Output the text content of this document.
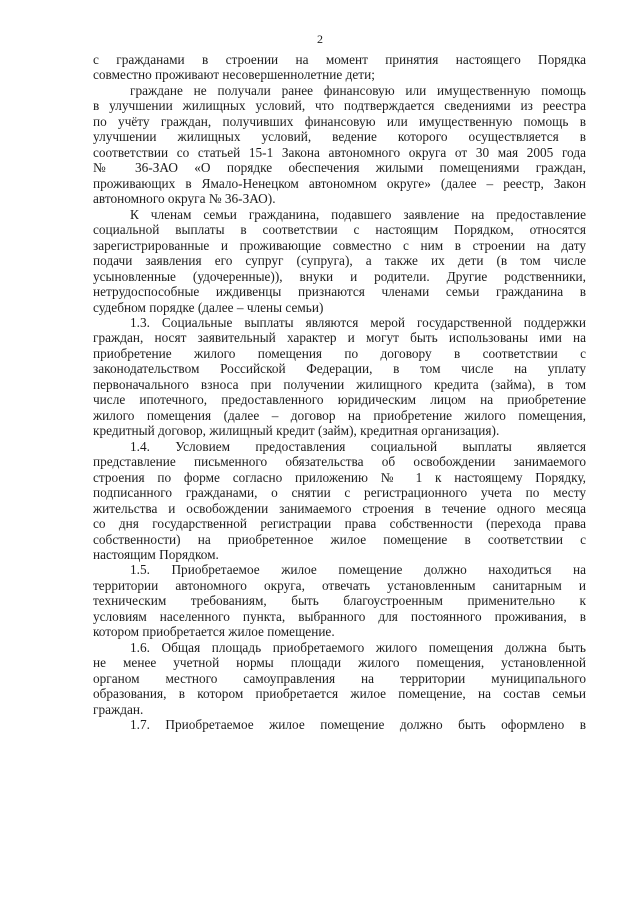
2
с гражданами в строении на момент принятия настоящего Порядка
совместно проживают несовершеннолетние дети;
граждане не получали ранее финансовую или имущественную помощь
в улучшении жилищных условий, что подтверждается сведениями из реестра
по учёту граждан, получивших финансовую или имущественную помощь в
улучшении жилищных условий, ведение которого осуществляется в
соответствии со статьей 15-1 Закона автономного округа от 30 мая 2005 года
№ 36-ЗАО «О порядке обеспечения жилыми помещениями граждан,
проживающих в Ямало-Ненецком автономном округе» (далее – реестр, Закон
автономного округа № 36-ЗАО).
К членам семьи гражданина, подавшего заявление на предоставление
социальной выплаты в соответствии с настоящим Порядком, относятся
зарегистрированные и проживающие совместно с ним в строении на дату
подачи заявления его супруг (супруга), а также их дети (в том числе
усыновленные (удочеренные)), внуки и родители. Другие родственники,
нетрудоспособные иждивенцы признаются членами семьи гражданина в
судебном порядке (далее – члены семьи)
1.3. Социальные выплаты являются мерой государственной поддержки
граждан, носят заявительный характер и могут быть использованы ими на
приобретение жилого помещения по договору в соответствии с
законодательством Российской Федерации, в том числе на уплату
первоначального взноса при получении жилищного кредита (займа), в том
числе ипотечного, предоставленного юридическим лицом на приобретение
жилого помещения (далее – договор на приобретение жилого помещения,
кредитный договор, жилищный кредит (займ), кредитная организация).
1.4. Условием предоставления социальной выплаты является
представление письменного обязательства об освобождении занимаемого
строения по форме согласно приложению № 1 к настоящему Порядку,
подписанного гражданами, о снятии с регистрационного учета по месту
жительства и освобождении занимаемого строения в течение одного месяца
со дня государственной регистрации права собственности (перехода права
собственности) на приобретенное жилое помещение в соответствии с
настоящим Порядком.
1.5. Приобретаемое жилое помещение должно находиться на
территории автономного округа, отвечать установленным санитарным и
техническим требованиям, быть благоустроенным применительно к
условиям населенного пункта, выбранного для постоянного проживания, в
котором приобретается жилое помещение.
1.6. Общая площадь приобретаемого жилого помещения должна быть
не менее учетной нормы площади жилого помещения, установленной
органом местного самоуправления на территории муниципального
образования, в котором приобретается жилое помещение, на состав семьи
граждан.
1.7. Приобретаемое жилое помещение должно быть оформлено в
